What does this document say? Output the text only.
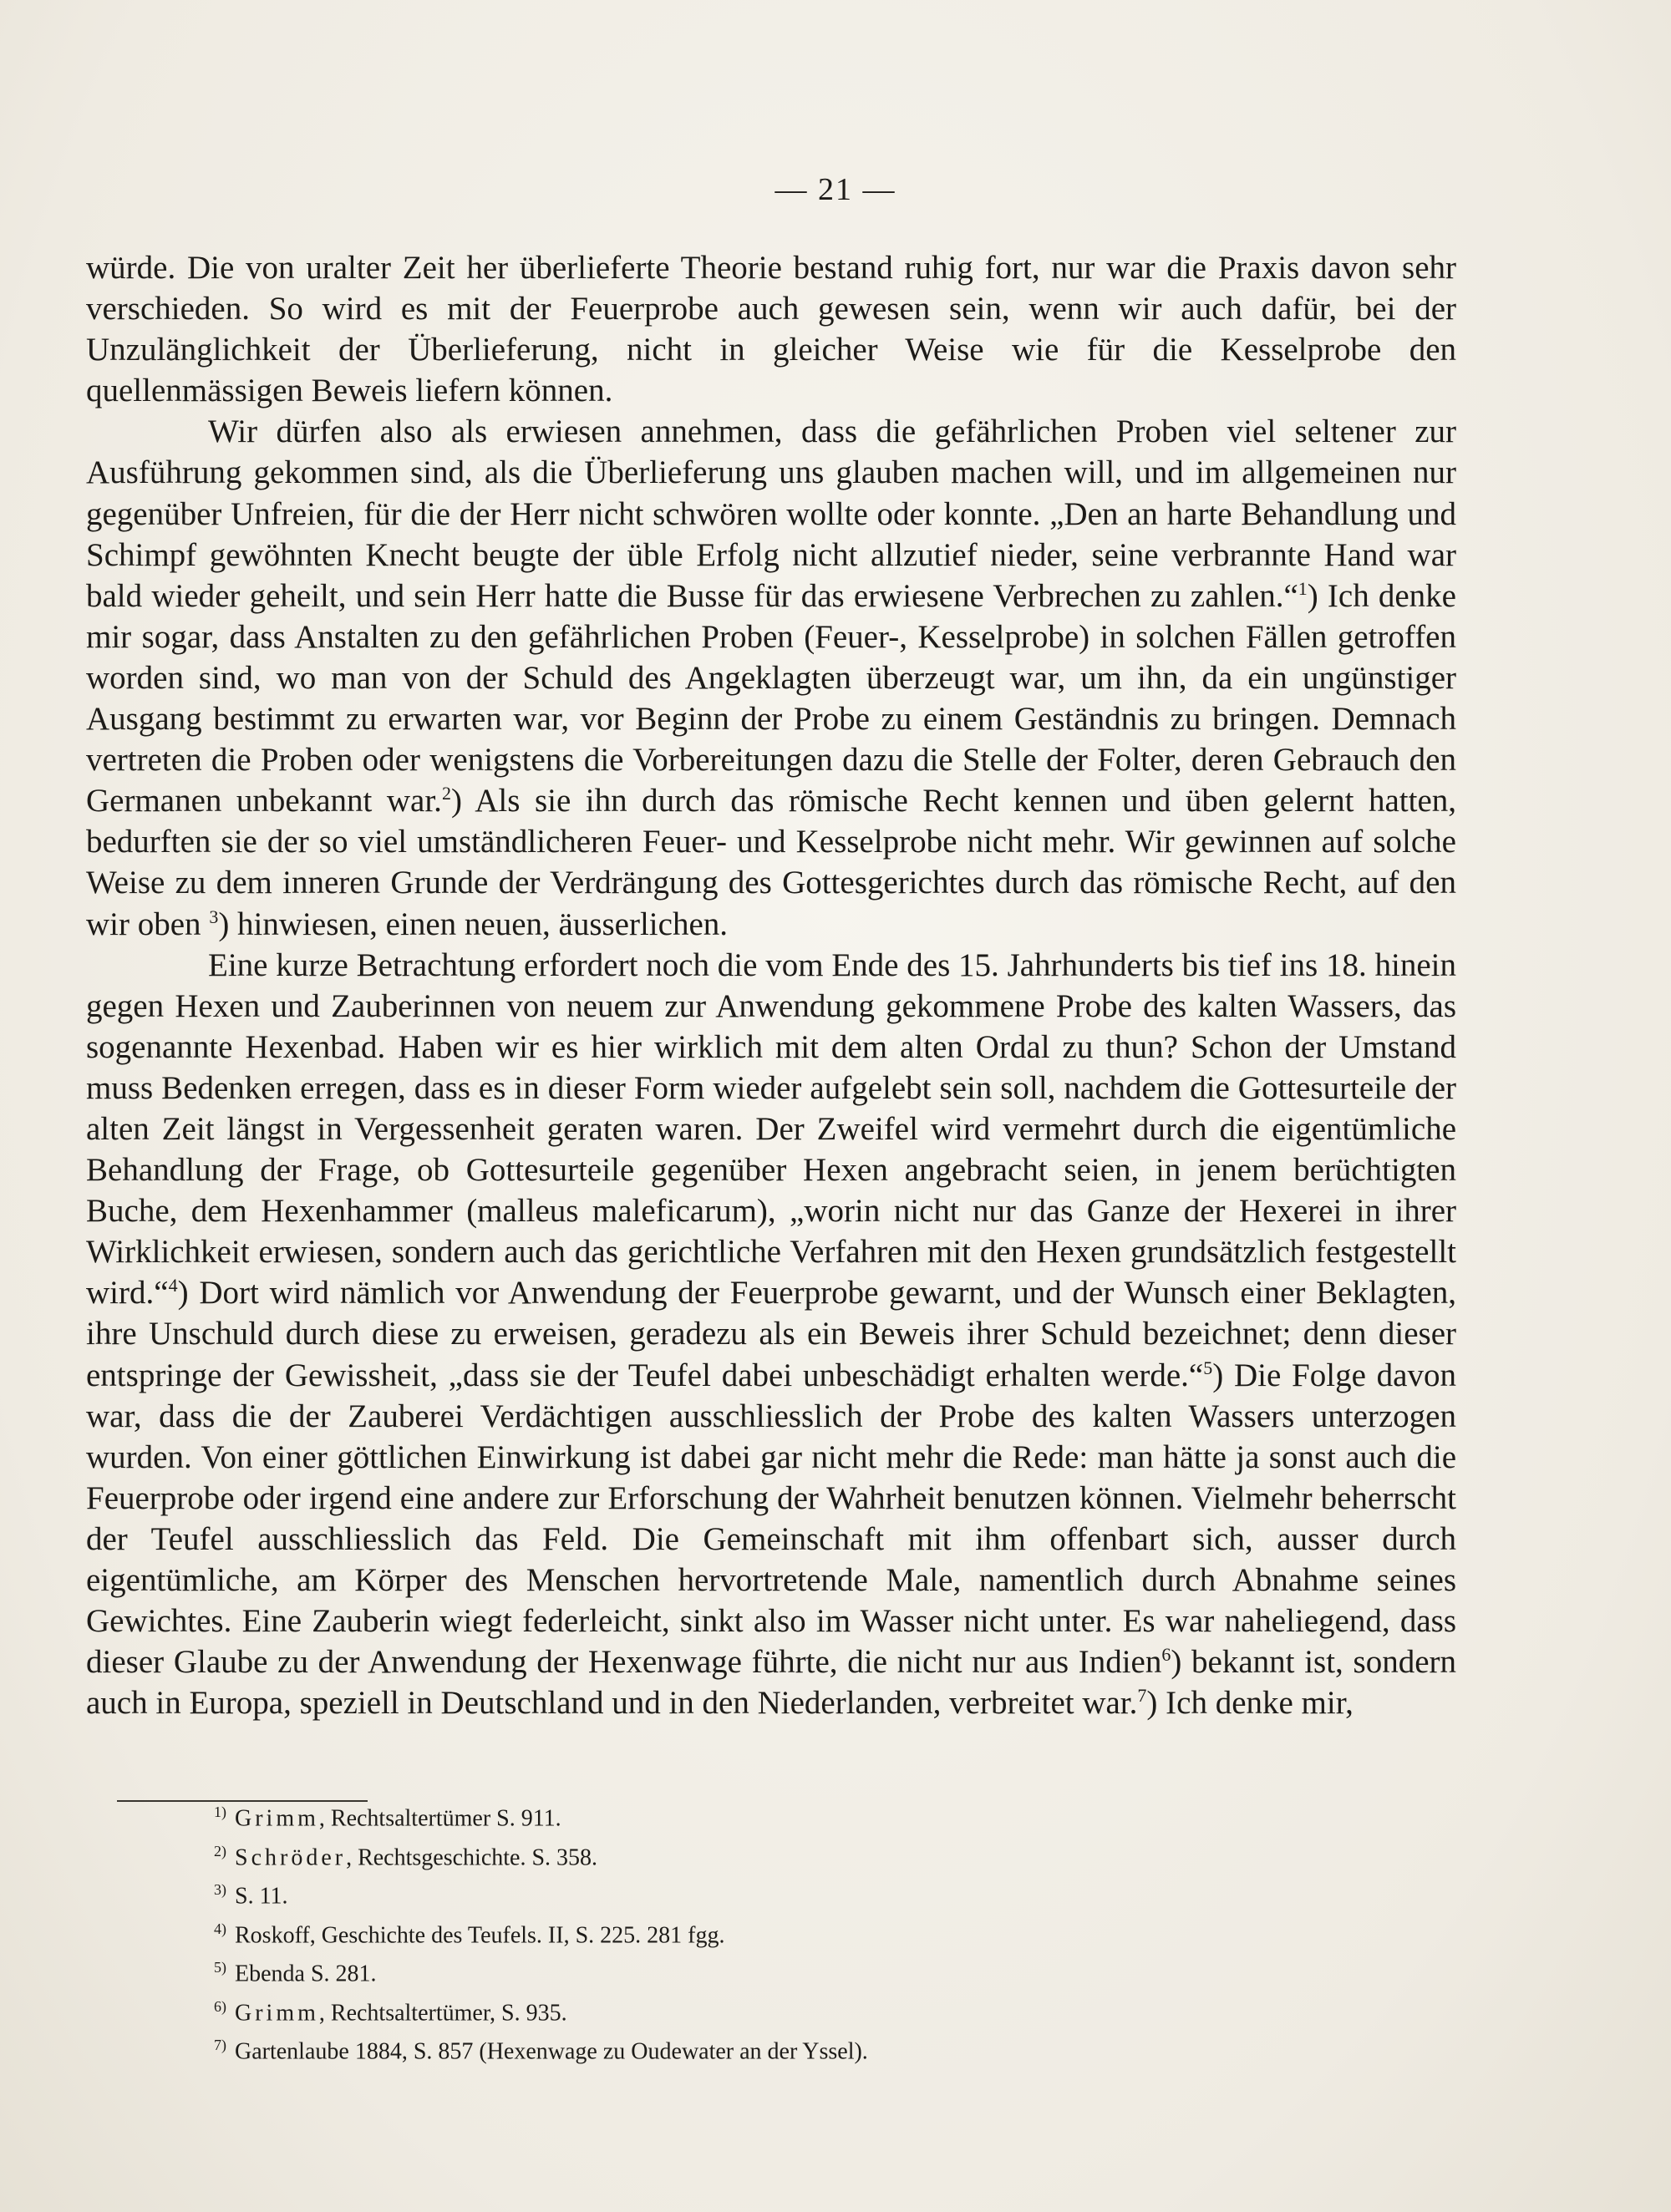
— 21 —

würde. Die von uralter Zeit her überlieferte Theorie bestand ruhig fort, nur war die Praxis davon sehr verschieden. So wird es mit der Feuerprobe auch gewesen sein, wenn wir auch dafür, bei der Unzulänglichkeit der Überlieferung, nicht in gleicher Weise wie für die Kesselprobe den quellenmässigen Beweis liefern können.

Wir dürfen also als erwiesen annehmen, dass die gefährlichen Proben viel seltener zur Ausführung gekommen sind, als die Überlieferung uns glauben machen will, und im allgemeinen nur gegenüber Unfreien, für die der Herr nicht schwören wollte oder konnte. „Den an harte Behandlung und Schimpf gewöhnten Knecht beugte der üble Erfolg nicht allzutief nieder, seine verbrannte Hand war bald wieder geheilt, und sein Herr hatte die Busse für das erwiesene Verbrechen zu zahlen.“$^1$) Ich denke mir sogar, dass Anstalten zu den gefährlichen Proben (Feuer-, Kesselprobe) in solchen Fällen getroffen worden sind, wo man von der Schuld des Angeklagten überzeugt war, um ihn, da ein ungünstiger Ausgang bestimmt zu erwarten war, vor Beginn der Probe zu einem Geständnis zu bringen. Demnach vertreten die Proben oder wenigstens die Vorbereitungen dazu die Stelle der Folter, deren Gebrauch den Germanen unbekannt war.$^2$) Als sie ihn durch das römische Recht kennen und üben gelernt hatten, bedurften sie der so viel umständlicheren Feuer- und Kesselprobe nicht mehr. Wir gewinnen auf solche Weise zu dem inneren Grunde der Verdrängung des Gottesgerichtes durch das römische Recht, auf den wir oben $^3$) hinwiesen, einen neuen, äusserlichen.

Eine kurze Betrachtung erfordert noch die vom Ende des 15. Jahrhunderts bis tief ins 18. hinein gegen Hexen und Zauberinnen von neuem zur Anwendung gekommene Probe des kalten Wassers, das sogenannte Hexenbad. Haben wir es hier wirklich mit dem alten Ordal zu thun? Schon der Umstand muss Bedenken erregen, dass es in dieser Form wieder aufgelebt sein soll, nachdem die Gottesurteile der alten Zeit längst in Vergessenheit geraten waren. Der Zweifel wird vermehrt durch die eigentümliche Behandlung der Frage, ob Gottesurteile gegenüber Hexen angebracht seien, in jenem berüchtigten Buche, dem Hexenhammer (malleus maleficarum), „worin nicht nur das Ganze der Hexerei in ihrer Wirklichkeit erwiesen, sondern auch das gerichtliche Verfahren mit den Hexen grundsätzlich festgestellt wird.“$^4$) Dort wird nämlich vor Anwendung der Feuerprobe gewarnt, und der Wunsch einer Beklagten, ihre Unschuld durch diese zu erweisen, geradezu als ein Beweis ihrer Schuld bezeichnet; denn dieser entspringe der Gewissheit, „dass sie der Teufel dabei unbeschädigt erhalten werde.“$^5$) Die Folge davon war, dass die der Zauberei Verdächtigen ausschliesslich der Probe des kalten Wassers unterzogen wurden. Von einer göttlichen Einwirkung ist dabei gar nicht mehr die Rede: man hätte ja sonst auch die Feuerprobe oder irgend eine andere zur Erforschung der Wahrheit benutzen können. Vielmehr beherrscht der Teufel ausschliesslich das Feld. Die Gemeinschaft mit ihm offenbart sich, ausser durch eigentümliche, am Körper des Menschen hervortretende Male, namentlich durch Abnahme seines Gewichtes. Eine Zauberin wiegt federleicht, sinkt also im Wasser nicht unter. Es war naheliegend, dass dieser Glaube zu der Anwendung der Hexenwage führte, die nicht nur aus Indien$^6$) bekannt ist, sondern auch in Europa, speziell in Deutschland und in den Niederlanden, verbreitet war.$^7$) Ich denke mir,

$^{1)}$ Grimm, Rechtsaltertümer S. 911.
$^{2)}$ Schröder, Rechtsgeschichte. S. 358.
$^{3)}$ S. 11.
$^{4)}$ Roskoff, Geschichte des Teufels. II, S. 225. 281 fgg.
$^{5)}$ Ebenda S. 281.
$^{6)}$ Grimm, Rechtsaltertümer, S. 935.
$^{7)}$ Gartenlaube 1884, S. 857 (Hexenwage zu Oudewater an der Yssel).
